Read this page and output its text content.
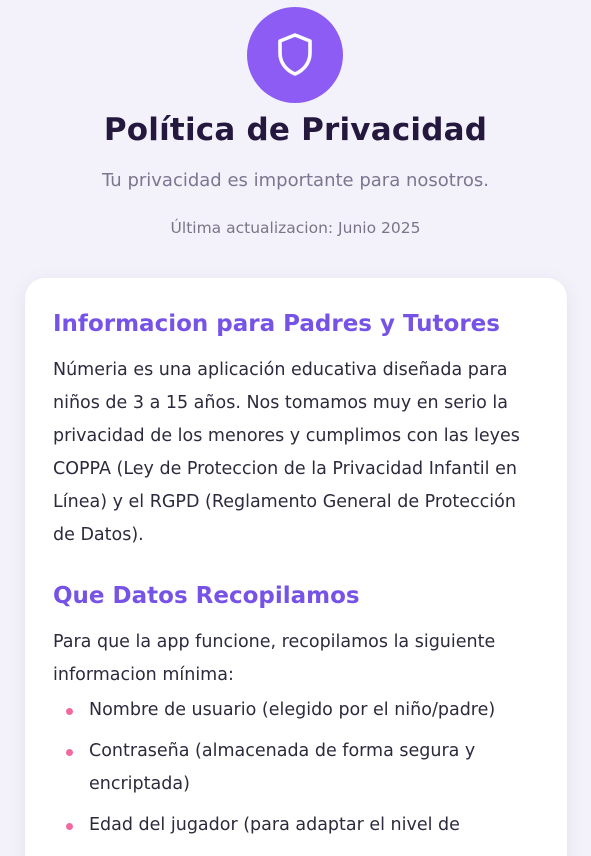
Política de Privacidad

Tu privacidad es importante para nosotros.

Última actualizacion: Junio 2025

Informacion para Padres y Tutores

Númeria es una aplicación educativa diseñada para niños de 3 a 15 años. Nos tomamos muy en serio la privacidad de los menores y cumplimos con las leyes COPPA (Ley de Proteccion de la Privacidad Infantil en Línea) y el RGPD (Reglamento General de Protección de Datos).

Que Datos Recopilamos

Para que la app funcione, recopilamos la siguiente informacion mínima:

Nombre de usuario (elegido por el niño/padre)
Contraseña (almacenada de forma segura y encriptada)
Edad del jugador (para adaptar el nivel de
